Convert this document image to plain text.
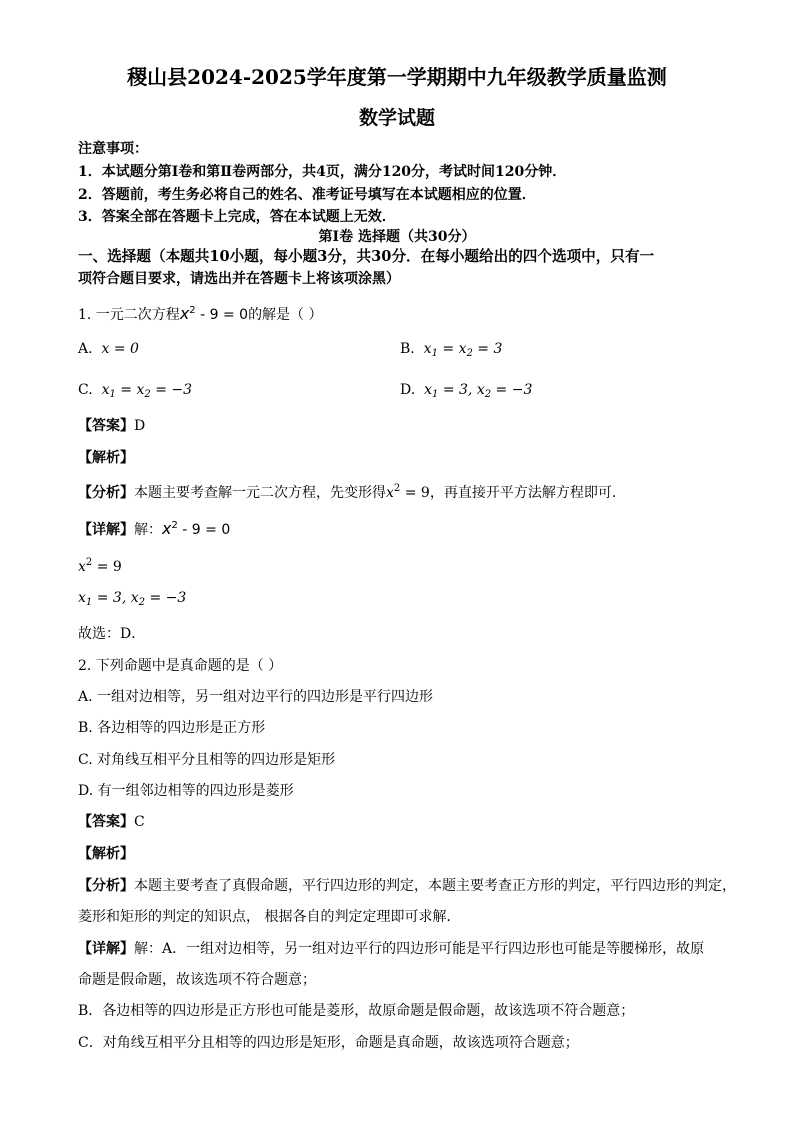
稷山县2024-2025学年度第一学期期中九年级教学质量监测
数学试题
注意事项：
1．本试题分第Ⅰ卷和第Ⅱ卷两部分，共4页，满分120分，考试时间120分钟．
2．答题前，考生务必将自己的姓名、准考证号填写在本试题相应的位置．
3．答案全部在答题卡上完成，答在本试题上无效．
第Ⅰ卷 选择题（共30分）
一、选择题（本题共10小题，每小题3分，共30分．在每小题给出的四个选项中，只有一
项符合题目要求，请选出并在答题卡上将该项涂黑）
1. 一元二次方程$x^2 - 9 = 0$的解是（ ）
A. x = 0	B. $x_1 = x_2 = 3$
C. $x_1 = x_2 = -3$	D. $x_1 = 3$, $x_2 = -3$
【答案】D
【解析】
【分析】本题主要考查解一元二次方程，先变形得$x^2 = 9$，再直接开平方法解方程即可．
【详解】解：$x^2 - 9 = 0$
$x^2 = 9$
$x_1 = 3$, $x_2 = -3$
故选：D．
2. 下列命题中是真命题的是（ ）
A. 一组对边相等，另一组对边平行的四边形是平行四边形
B. 各边相等的四边形是正方形
C. 对角线互相平分且相等的四边形是矩形
D. 有一组邻边相等的四边形是菱形
【答案】C
【解析】
【分析】本题主要考查了真假命题，平行四边形的判定，本题主要考查正方形的判定，平行四边形的判定，
菱形和矩形的判定的知识点， 根据各自的判定定理即可求解．
【详解】解：A．一组对边相等，另一组对边平行的四边形可能是平行四边形也可能是等腰梯形，故原
命题是假命题，故该选项不符合题意；
B．各边相等的四边形是正方形也可能是菱形，故原命题是假命题，故该选项不符合题意；
C．对角线互相平分且相等的四边形是矩形，命题是真命题，故该选项符合题意；
